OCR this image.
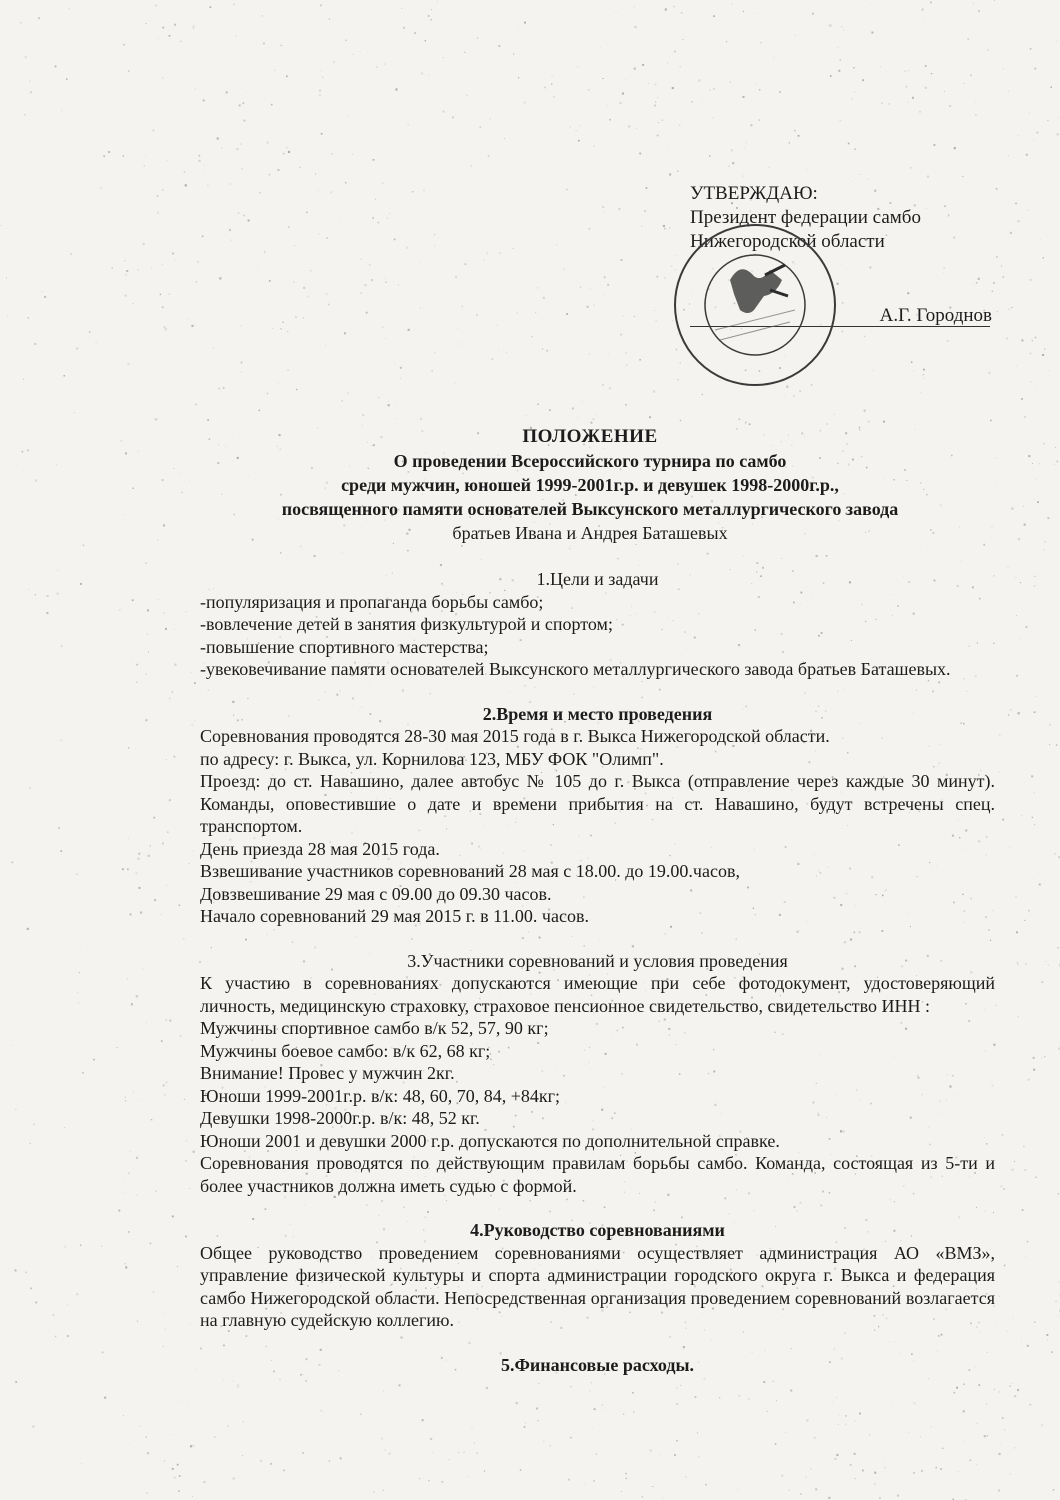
УТВЕРЖДАЮ:
Президент федерации самбо
Нижегородской области
А.Г. Городнов
ПОЛОЖЕНИЕ
О проведении Всероссийского турнира по самбо
среди мужчин, юношей 1999-2001г.р. и девушек 1998-2000г.р.,
посвященного памяти основателей Выксунского металлургического завода
братьев Ивана и Андрея Баташевых
1.Цели и задачи
-популяризация и пропаганда борьбы самбо;
-вовлечение детей в занятия физкультурой и спортом;
-повышение спортивного мастерства;
-увековечивание памяти основателей Выксунского металлургического завода братьев Баташевых.
2.Время и место проведения
Соревнования проводятся 28-30 мая 2015 года в г. Выкса Нижегородской области.
по адресу: г. Выкса, ул. Корнилова 123, МБУ ФОК "Олимп".
Проезд: до ст. Навашино, далее автобус № 105 до г. Выкса (отправление через каждые 30 минут). Команды, оповестившие о дате и времени прибытия на ст. Навашино, будут встречены спец. транспортом.
День приезда 28 мая 2015 года.
Взвешивание участников соревнований 28 мая с 18.00. до 19.00.часов,
Довзвешивание 29 мая с 09.00 до 09.30 часов.
Начало соревнований 29 мая 2015 г. в 11.00. часов.
3.Участники соревнований и условия проведения
К участию в соревнованиях допускаются имеющие при себе фотодокумент, удостоверяющий личность, медицинскую страховку, страховое пенсионное свидетельство, свидетельство ИНН :
Мужчины спортивное самбо в/к 52, 57, 90 кг;
Мужчины боевое самбо: в/к 62, 68 кг;
Внимание! Провес у мужчин 2кг.
Юноши 1999-2001г.р. в/к: 48, 60, 70, 84, +84кг;
Девушки 1998-2000г.р. в/к: 48, 52 кг.
Юноши 2001 и девушки 2000 г.р. допускаются по дополнительной справке.
Соревнования проводятся по действующим правилам борьбы самбо. Команда, состоящая из 5-ти и более участников должна иметь судью с формой.
4.Руководство соревнованиями
Общее руководство проведением соревнованиями осуществляет администрация АО «ВМЗ», управление физической культуры и спорта администрации городского округа г. Выкса и федерация самбо Нижегородской области. Непосредственная организация проведением соревнований возлагается на главную судейскую коллегию.
5.Финансовые расходы.
